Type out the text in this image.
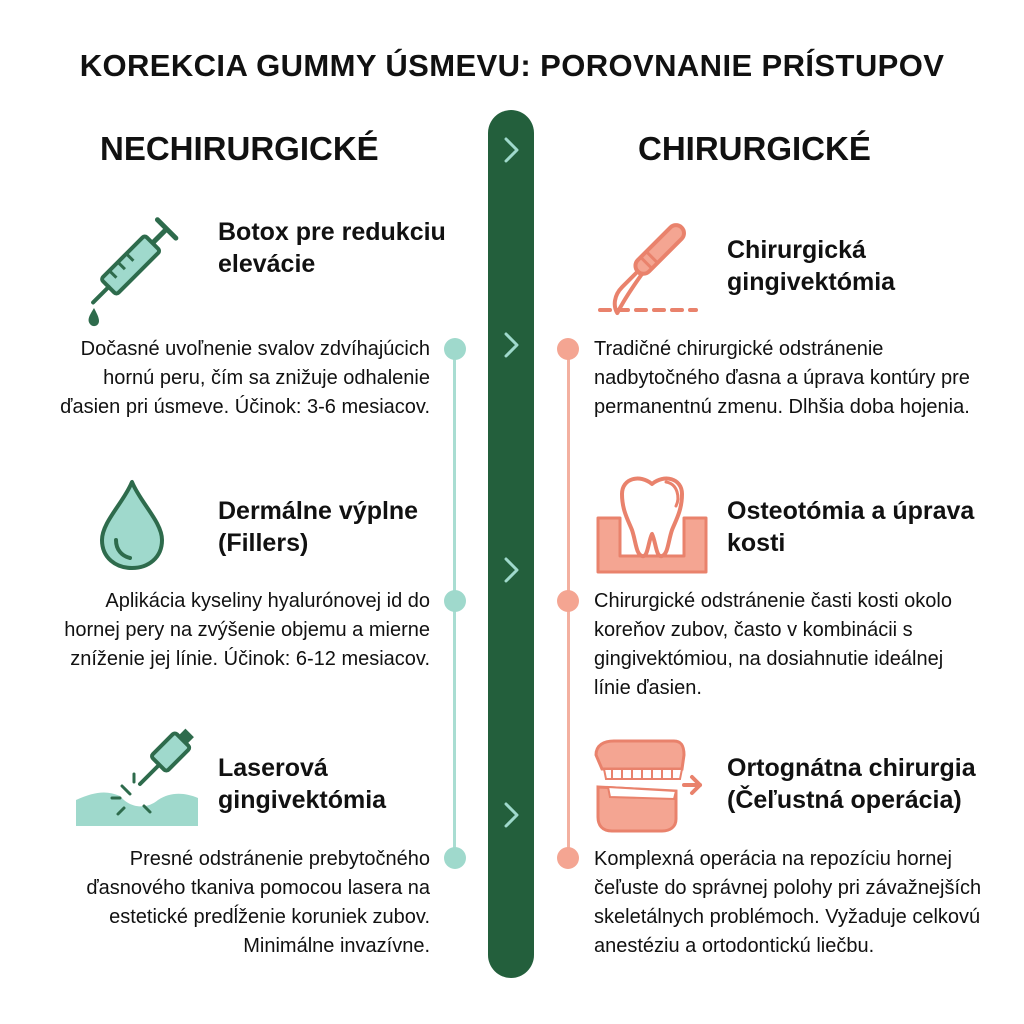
KOREKCIA GUMMY ÚSMEVU: POROVNANIE PRÍSTUPOV
NECHIRURGICKÉ	CHIRURGICKÉ
Botox pre redukciu elevácie

Dočasné uvoľnenie svalov zdvíhajúcich hornú peru, čím sa znižuje odhalenie ďasien pri úsmeve. Účinok: 3-6 mesiacov.

Dermálne výplne (Fillers)

Aplikácia kyseliny hyalurónovej id do hornej pery na zvýšenie objemu a mierne zníženie jej línie. Účinok: 6-12 mesiacov.

Laserová gingivektómia

Presné odstránenie prebytočného ďasnového tkaniva pomocou lasera na estetické predĺženie koruniek zubov. Minimálne invazívne.

Chirurgická gingivektómia

Tradičné chirurgické odstránenie nadbytočného ďasna a úprava kontúry pre permanentnú zmenu. Dlhšia doba hojenia.

Osteotómia a úprava kosti

Chirurgické odstránenie časti kosti okolo koreňov zubov, často v kombinácii s gingivektómiou, na dosiahnutie ideálnej línie ďasien.

Ortognátna chirurgia (Čeľustná operácia)

Komplexná operácia na repozíciu hornej čeľuste do správnej polohy pri závažnejších skeletálnych problémoch. Vyžaduje celkovú anestéziu a ortodontickú liečbu.
